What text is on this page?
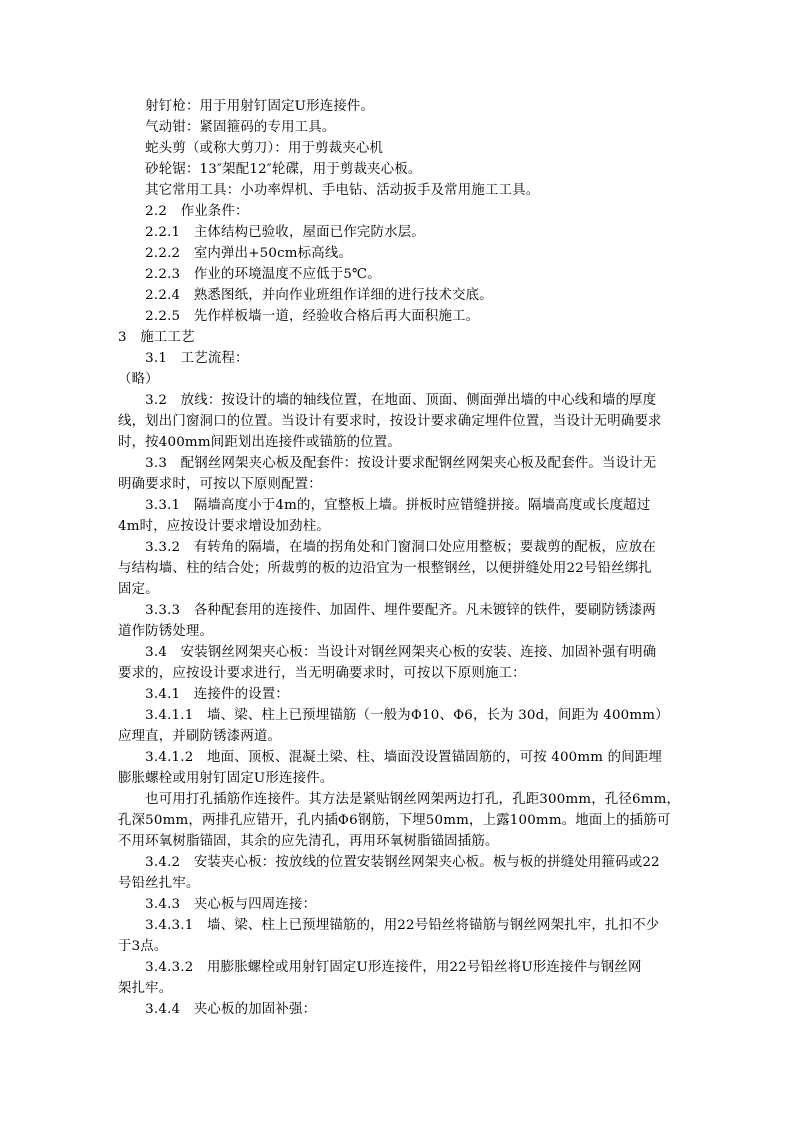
　　射钉枪：用于用射钉固定U形连接件。
　　气动钳：紧固箍码的专用工具。
　　蛇头剪（或称大剪刀）：用于剪裁夹心机
　　砂轮锯：13″架配12″轮碟，用于剪裁夹心板。
　　其它常用工具：小功率焊机、手电钻、活动扳手及常用施工工具。
　　2.2　作业条件：
　　2.2.1　主体结构已验收，屋面已作完防水层。
　　2.2.2　室内弹出+50cm标高线。
　　2.2.3　作业的环境温度不应低于5℃。
　　2.2.4　熟悉图纸，并向作业班组作详细的进行技术交底。
　　2.2.5　先作样板墙一道，经验收合格后再大面积施工。
3　施工工艺
　　3.1　工艺流程：
（略）
　　3.2　放线：按设计的墙的轴线位置，在地面、顶面、侧面弹出墙的中心线和墙的厚度
线，划出门窗洞口的位置。当设计有要求时，按设计要求确定埋件位置，当设计无明确要求
时，按400mm间距划出连接件或锚筋的位置。
　　3.3　配钢丝网架夹心板及配套件：按设计要求配钢丝网架夹心板及配套件。当设计无
明确要求时，可按以下原则配置：
　　3.3.1　隔墙高度小于4m的，宜整板上墙。拼板时应错缝拼接。隔墙高度或长度超过
4m时，应按设计要求增设加劲柱。
　　3.3.2　有转角的隔墙，在墙的拐角处和门窗洞口处应用整板；要裁剪的配板，应放在
与结构墙、柱的结合处；所裁剪的板的边沿宜为一根整钢丝，以便拼缝处用22号铅丝绑扎
固定。
　　3.3.3　各种配套用的连接件、加固件、埋件要配齐。凡未镀锌的铁件，要刷防锈漆两
道作防锈处理。
　　3.4　安装钢丝网架夹心板：当设计对钢丝网架夹心板的安装、连接、加固补强有明确
要求的，应按设计要求进行，当无明确要求时，可按以下原则施工：
　　3.4.1　连接件的设置：
　　3.4.1.1　墙、梁、柱上已预埋锚筋（一般为Φ10、Φ6，长为 30d，间距为 400mm）
应理直，并刷防锈漆两道。
　　3.4.1.2　地面、顶板、混凝土梁、柱、墙面没设置锚固筋的，可按 400mm 的间距埋
膨胀螺栓或用射钉固定U形连接件。
　　也可用打孔插筋作连接件。其方法是紧贴钢丝网架两边打孔，孔距300mm，孔径6mm，
孔深50mm，两排孔应错开，孔内插Φ6钢筋，下埋50mm，上露100mm。地面上的插筋可
不用环氧树脂锚固，其余的应先清孔，再用环氧树脂锚固插筋。
　　3.4.2　安装夹心板：按放线的位置安装钢丝网架夹心板。板与板的拼缝处用箍码或22
号铅丝扎牢。
　　3.4.3　夹心板与四周连接：
　　3.4.3.1　墙、梁、柱上已预埋锚筋的，用22号铅丝将锚筋与钢丝网架扎牢，扎扣不少
于3点。
　　3.4.3.2　用膨胀螺栓或用射钉固定U形连接件，用22号铅丝将U形连接件与钢丝网
架扎牢。
　　3.4.4　夹心板的加固补强：
